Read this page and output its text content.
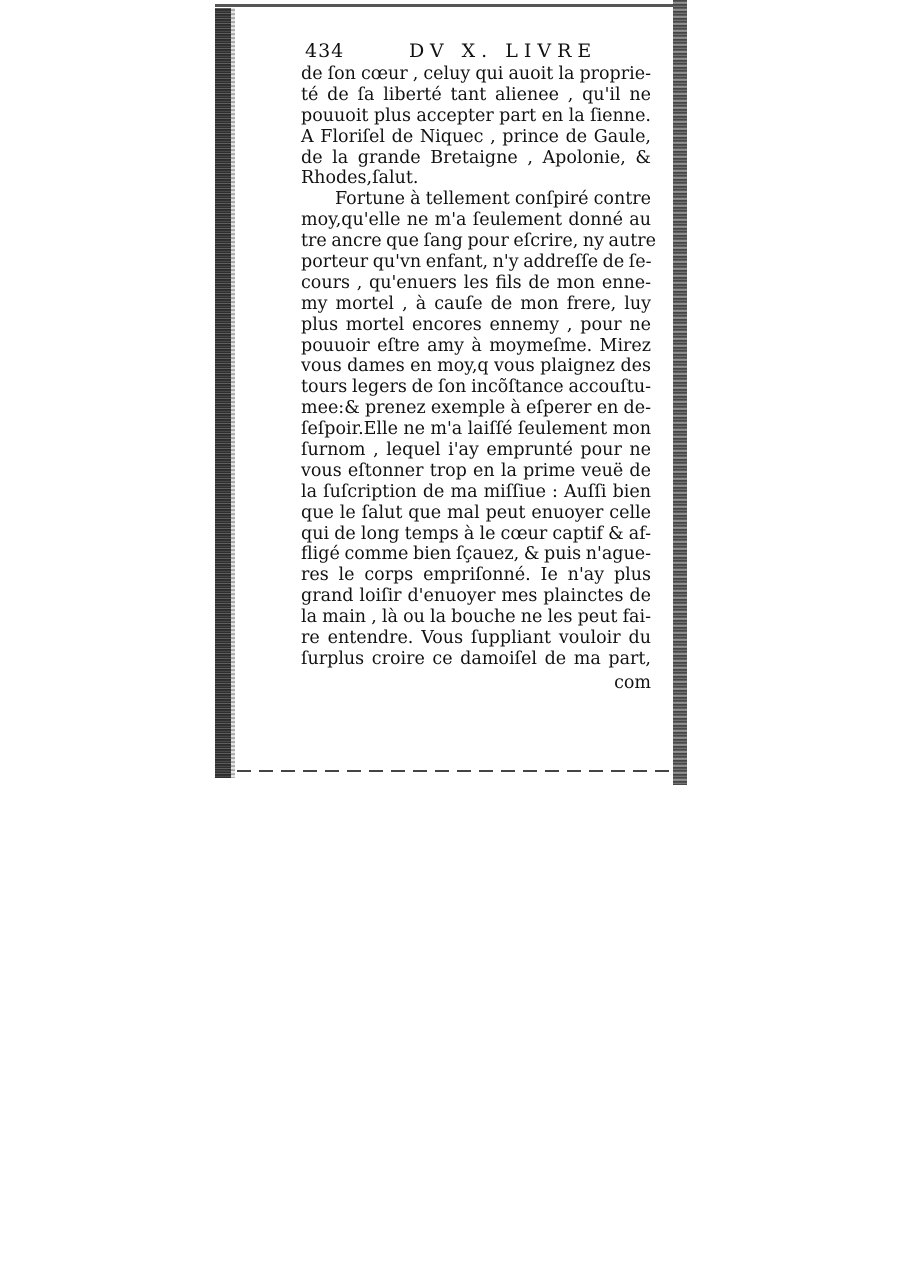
434	DV X. LIVRE
de ſon cœur , celuy qui auoit la proprie-
té de ſa liberté tant alienee , qu'il ne
pouuoit plus accepter part en la ſienne.
A Floriſel de Niquec , prince de Gaule,
de la grande Bretaigne , Apolonie, &
Rhodes,ſalut.
Fortune à tellement conſpiré contre
moy,qu'elle ne m'a ſeulement donné au
tre ancre que ſang pour eſcrire, ny autre
porteur qu'vn enfant, n'y addreſſe de ſe-
cours , qu'enuers les fils de mon enne-
my mortel , à cauſe de mon frere, luy
plus mortel encores ennemy , pour ne
pouuoir eſtre amy à moymeſme. Mirez
vous dames en moy,q vous plaignez des
tours legers de ſon incõſtance accouſtu-
mee:& prenez exemple à eſperer en de-
ſeſpoir.Elle ne m'a laiſſé ſeulement mon
ſurnom , lequel i'ay emprunté pour ne
vous eſtonner trop en la prime veuë de
la ſuſcription de ma miſſiue : Auſſi bien
que le ſalut que mal peut enuoyer celle
qui de long temps à le cœur captif & af-
fligé comme bien ſçauez, & puis n'ague-
res le corps empriſonné. Ie n'ay plus
grand loiſir d'enuoyer mes plainctes de
la main , là ou la bouche ne les peut fai-
re entendre. Vous ſuppliant vouloir du
ſurplus croire ce damoiſel de ma part,
com
